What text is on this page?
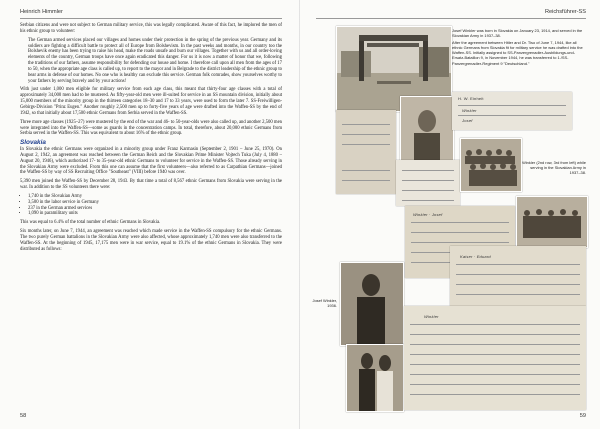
Heinrich Himmler

Serbian citizens and were not subject to German military service, this was legally complicated. Aware of this fact, he implored the men of his ethnic group to volunteer:

The German armed services placed our villages and homes under their protection in the spring of the previous year. Germany and its soldiers are fighting a difficult battle to protect all of Europe from Bolshevism. In the past weeks and months, in our country too the Bolshevik enemy has been trying to raise his head, make the roads unsafe and burn our villages. Together with us and all order-loving elements of the country, German troops have once again eradicated this danger. For us it is now a matter of honor that we, following the traditions of our fathers, assume responsibility for defending our house and home. I therefore call upon all men from the ages of 17 to 50, when the appropriate age class is called up, to report to the mayor and in Belgrade to the district leadership of the ethnic group to bear arms in defense of our homes. No one who is healthy can exclude this service. German folk comrades, show yourselves worthy to your fathers by serving bravely and by your actions!

With just under 1,000 men eligible for military service from each age class, this meant that thirty-four age classes with a total of approximately 34,000 men had to be mustered. As fifty-year-old men were ill-suited for service in an SS mountain division, initially about 15,000 members of the minority group in the thirteen categories 18–30 and 17 to 33 years, were used to form the later 7. SS-Freiwilligen-Gebirgs-Division "Prinz Eugen." Another roughly 2,500 men up to forty-five years of age were drafted into the Waffen-SS by the end of 1942, so that initially about 17,500 ethnic Germans from Serbia served in the Waffen-SS.

Three more age classes (1925–27) were mustered by the end of the war and 46- to 50-year-olds were also called up, and another 2,500 men were integrated into the Waffen-SS—some as guards in the concentration camps. In total, therefore, about 20,000 ethnic Germans from Serbia served in the Waffen-SS. This was equivalent to about 16% of the ethnic group.

Slovakia

In Slovakia the ethnic Germans were organized in a minority group under Franz Karmasin (September 2, 1901 – June 25, 1970). On August 2, 1942, an agreement was reached between the German Reich and the Slovakian Prime Minister Vojtech Tuka (July 4, 1880 – August 20, 1946), which authorized 17- to 35-year-old ethnic Germans to volunteer for service in the Waffen-SS. Those already serving in the Slovakian Army were excluded. From this one can assume that the first volunteers—also referred to as Carpathian Germans—joined the Waffen-SS by way of SS Recruiting Office "Southeast" (VIII) before 1940 was over.

5,390 men joined the Waffen-SS by December 28, 1943. By that time a total of 8,567 ethnic Germans from Slovakia were serving in the war. In addition to the SS volunteers there were:

• 1,740 in the Slovakian Army
• 3,500 in the labor service in Germany
• 237 in the German armed services
• 1,090 in paramilitary units

This was equal to 6.4% of the total number of ethnic Germans in Slovakia.

Six months later, on June 7, 1944, an agreement was reached which made service in the Waffen-SS compulsory for the ethnic Germans. The two purely German battalions in the Slovakian Army were also affected, whose approximately 1,740 men were also transferred to the Waffen-SS. At the beginning of 1945, 17,175 men were in war service, equal to 19.1% of the ethnic Germans in Slovakia. They were distributed as follows:

58
Reichsführer-SS

Josef Winkler was born in Slovakia on January 23, 1914, and served in the Slovakian Army in 1937–38.

After the agreement between Hitler and Dr. Tiso of June 7, 1944, like all ethnic Germans from Slovakia fit for military service he was drafted into the Waffen-SS. Initially assigned to SS-Panzergrenadier-Ausbildungs-und-Ersatz-Bataillon 9, in November 1944, he was transferred to 1./SS-Panzergrenadier-Regiment 9 "Deutschland."

H. W. Einheit
Winkler
Josef
Winkler (2nd row, 3rd from left) while serving in the Slovakian Army in 1937–38.
Winkler · Josef
Kaiser · Eduard
Josef Winkler, 1936.
Winkler
59
